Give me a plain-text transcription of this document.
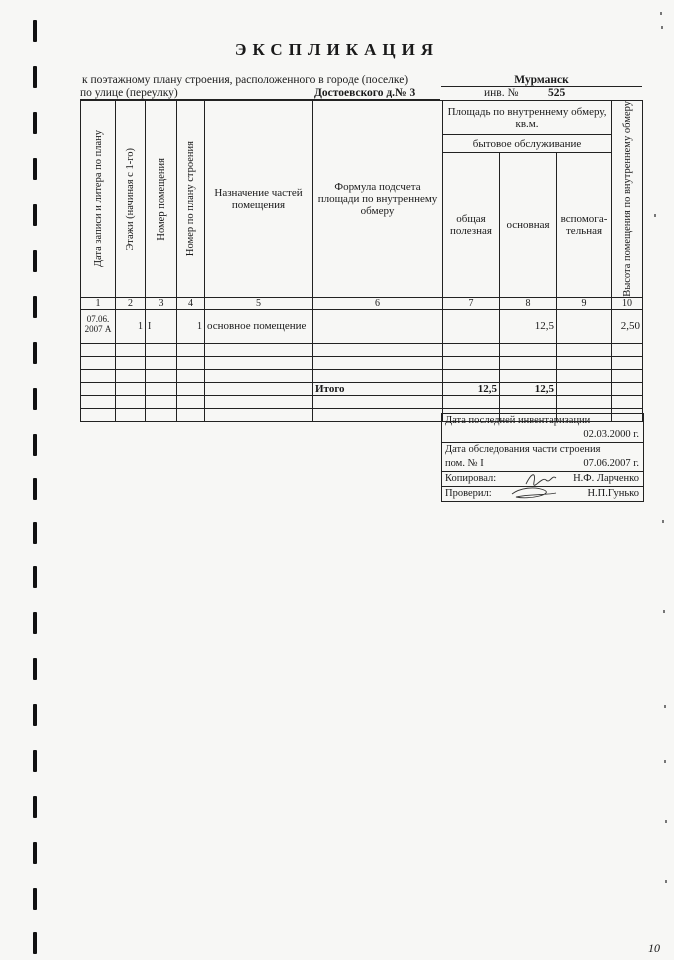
ЭКСПЛИКАЦИЯ
к поэтажному плану строения, расположенного в городе (поселке)	Мурманск
по улице (переулку)	Достоевского д.№ 3	инв. №	525
Дата записи и литера по плану	Этажи (начиная с 1-го)	Номер помещения	Номер по плану строения	Назначение частей помещения	Формула подсчета площади по внутреннему обмеру	Площадь по внутреннему обмеру, кв.м.			Высота помещения по внутреннему обмеру

						бытовое обслуживание			
						общая полезная	основная	вспомога-тельная	
1	2	3	4	5	6	7	8	9	10
07.06. 2007 А	1	I	1	основное помещение			12,5		2,50

					Итого	12,5	12,5		

Дата последней инвентаризации
02.03.2000 г.
Дата обследования части строения
пом. № I	07.06.2007 г.
Копировал:	Н.Ф. Ларченко
Проверил:	Н.П.Гунько
10
